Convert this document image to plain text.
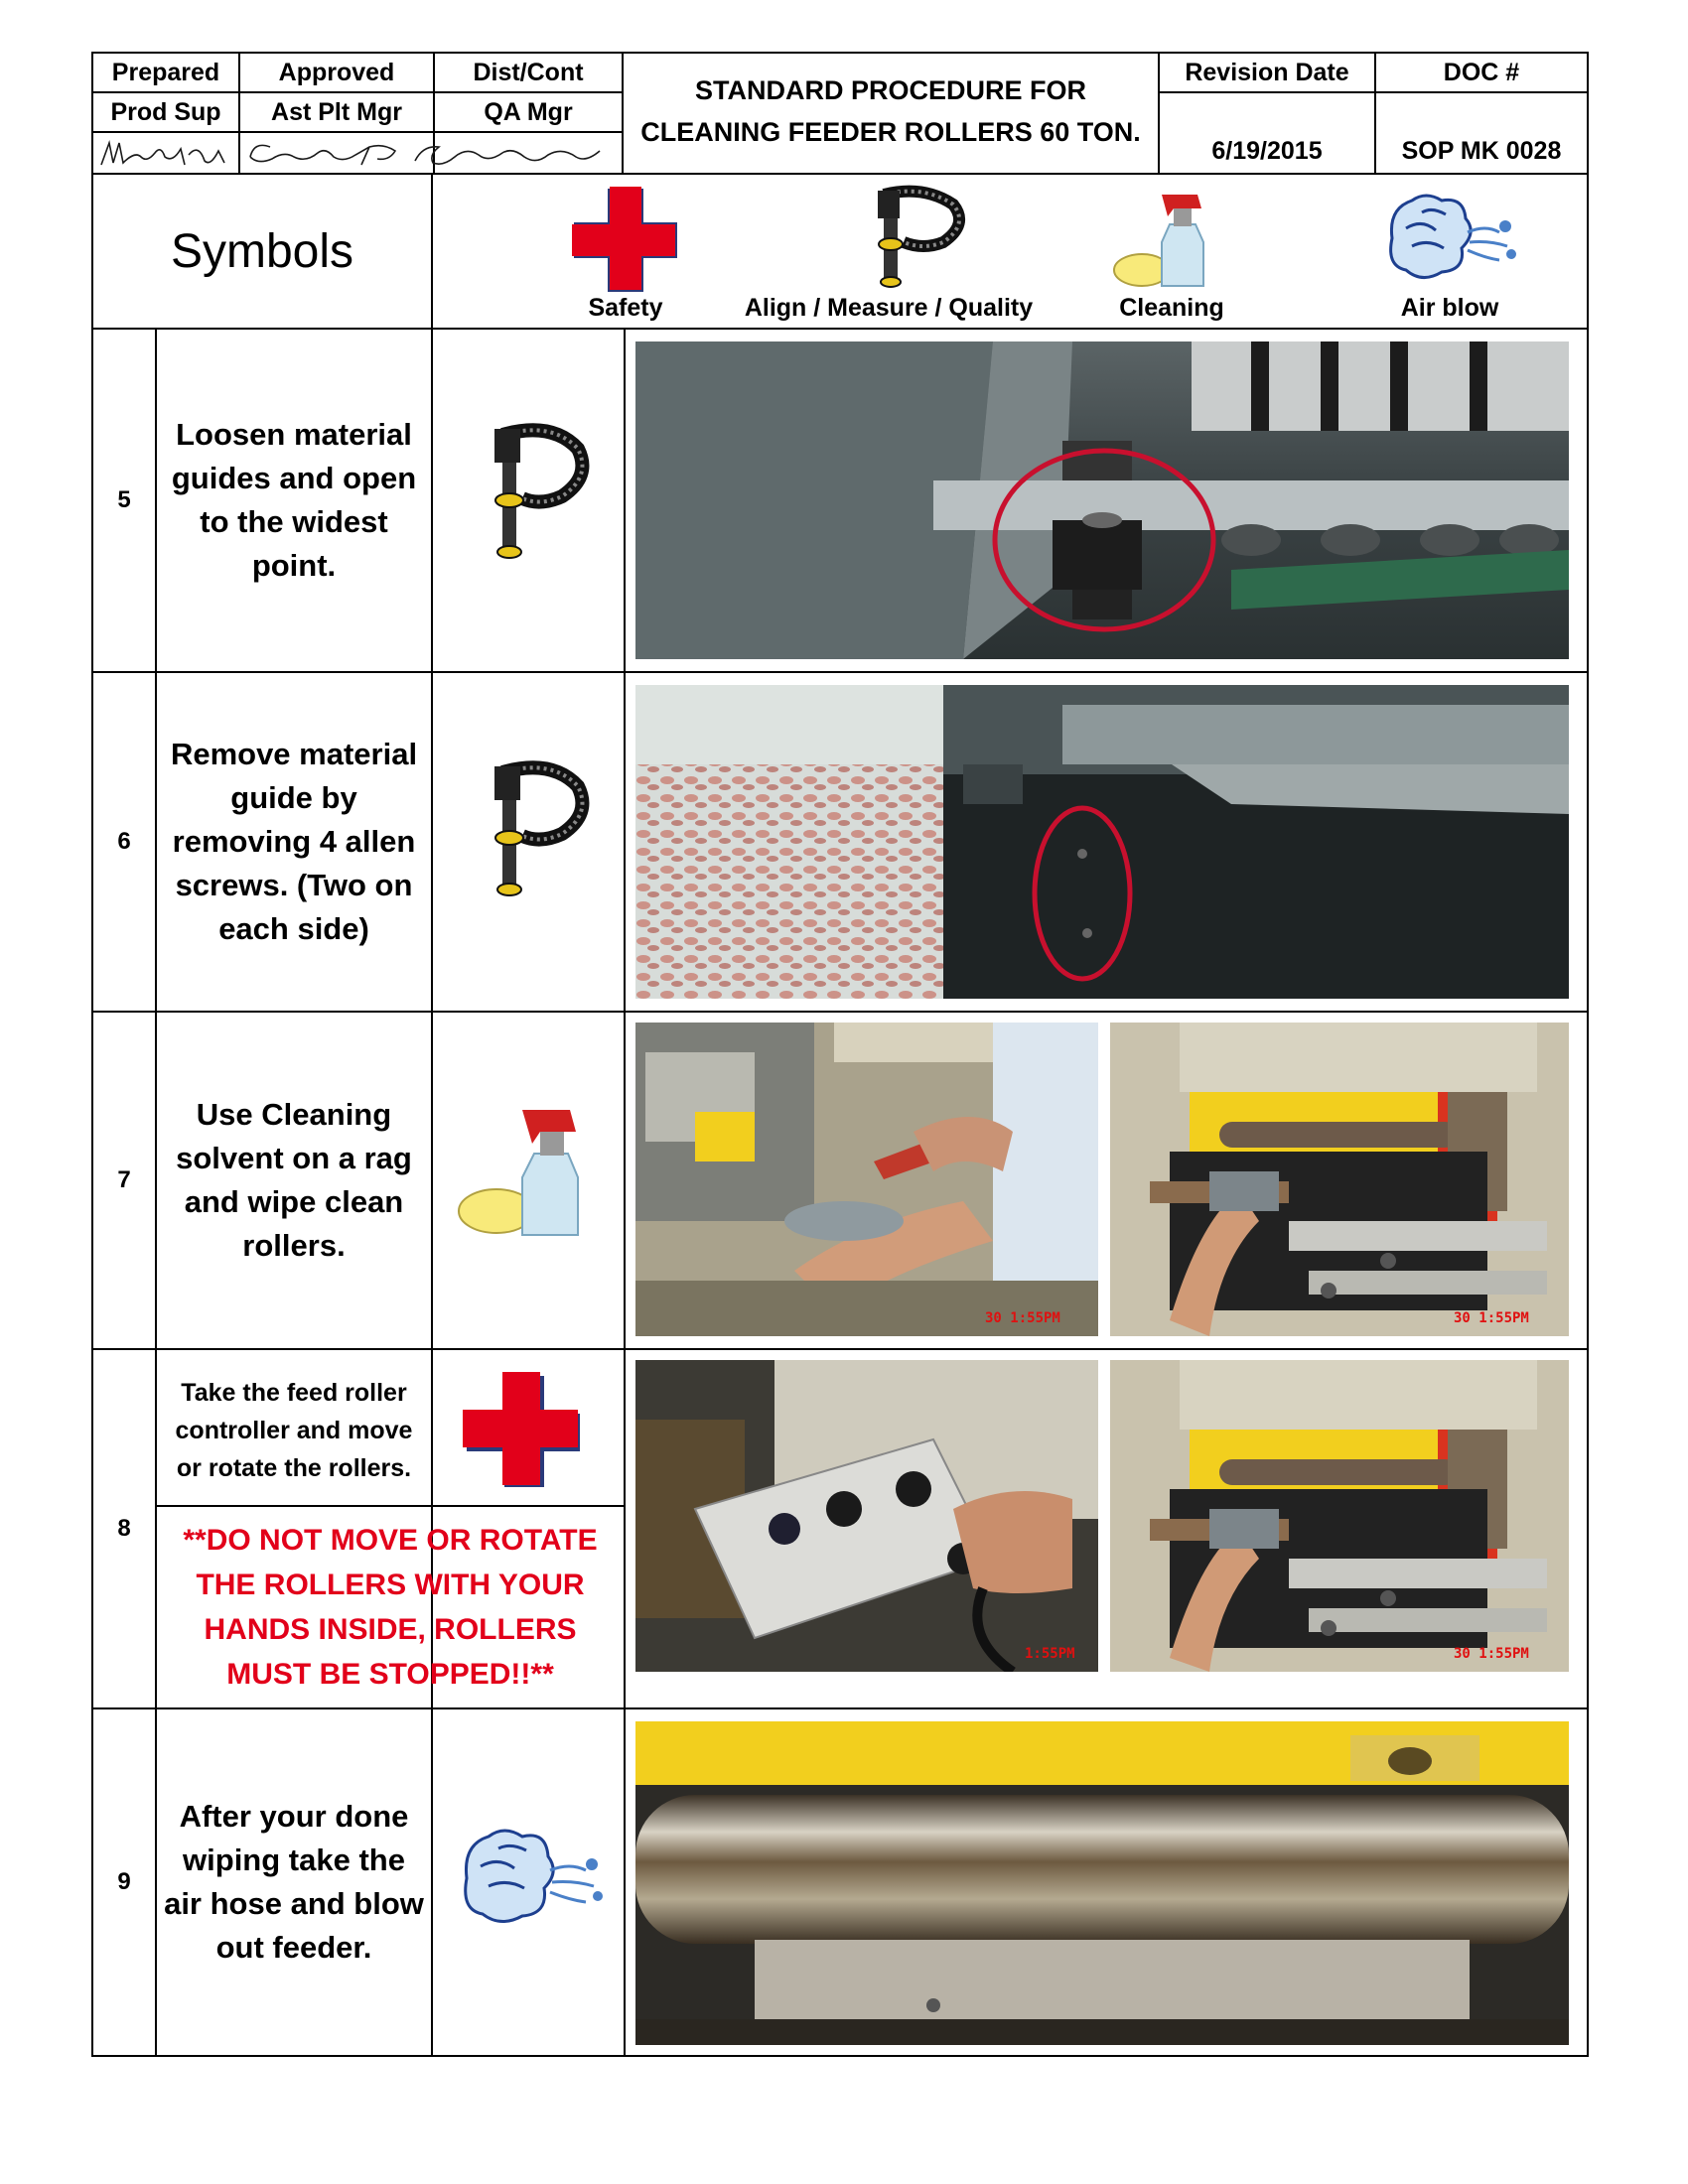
Prepared	Approved	Dist/Cont
Prod Sup	Ast Plt Mgr	QA Mgr
STANDARD PROCEDURE FOR
CLEANING FEEDER ROLLERS 60 TON.
Revision Date	DOC #
6/19/2015	SOP MK 0028
Symbols
Safety	Align / Measure / Quality	Cleaning	Air blow
5
Loosen material guides and open to the widest point.
6
Remove material guide by removing 4 allen screws. (Two on each side)
7
Use Cleaning solvent on a rag and wipe clean rollers.
30 1:55PM	30 1:55PM
8
Take the feed roller controller and move or rotate the rollers.
**DO NOT MOVE OR ROTATE THE ROLLERS WITH YOUR HANDS INSIDE, ROLLERS MUST BE STOPPED!!**
1:55PM	30 1:55PM
9
After your done wiping take the air hose and blow out feeder.
